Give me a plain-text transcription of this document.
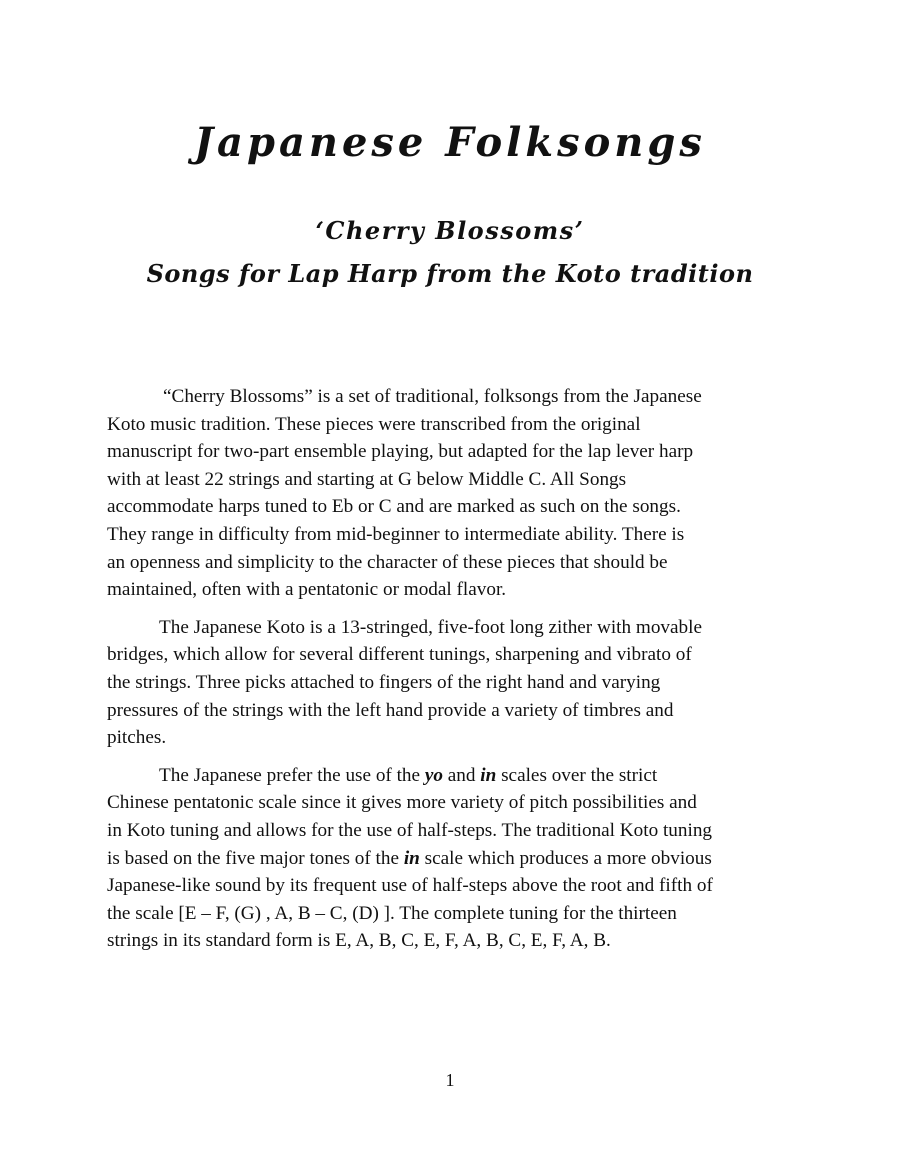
Japanese Folksongs
‘Cherry Blossoms’
Songs for Lap Harp from the Koto tradition
“Cherry Blossoms” is a set of traditional, folksongs from the Japanese
Koto music tradition. These pieces were transcribed from the original
manuscript for two-part ensemble playing, but adapted for the lap lever harp
with at least 22 strings and starting at G below Middle C. All Songs
accommodate harps tuned to Eb or C and are marked as such on the songs.
They range in difficulty from mid-beginner to intermediate ability. There is
an openness and simplicity to the character of these pieces that should be
maintained, often with a pentatonic or modal flavor.
The Japanese Koto is a 13-stringed, five-foot long zither with movable
bridges, which allow for several different tunings, sharpening and vibrato of
the strings. Three picks attached to fingers of the right hand and varying
pressures of the strings with the left hand provide a variety of timbres and
pitches.
The Japanese prefer the use of the yo and in scales over the strict
Chinese pentatonic scale since it gives more variety of pitch possibilities and
in Koto tuning and allows for the use of half-steps. The traditional Koto tuning
is based on the five major tones of the in scale which produces a more obvious
Japanese-like sound by its frequent use of half-steps above the root and fifth of
the scale [E – F, (G) , A, B – C, (D) ]. The complete tuning for the thirteen
strings in its standard form is E, A, B, C, E, F, A, B, C, E, F, A, B.
1
